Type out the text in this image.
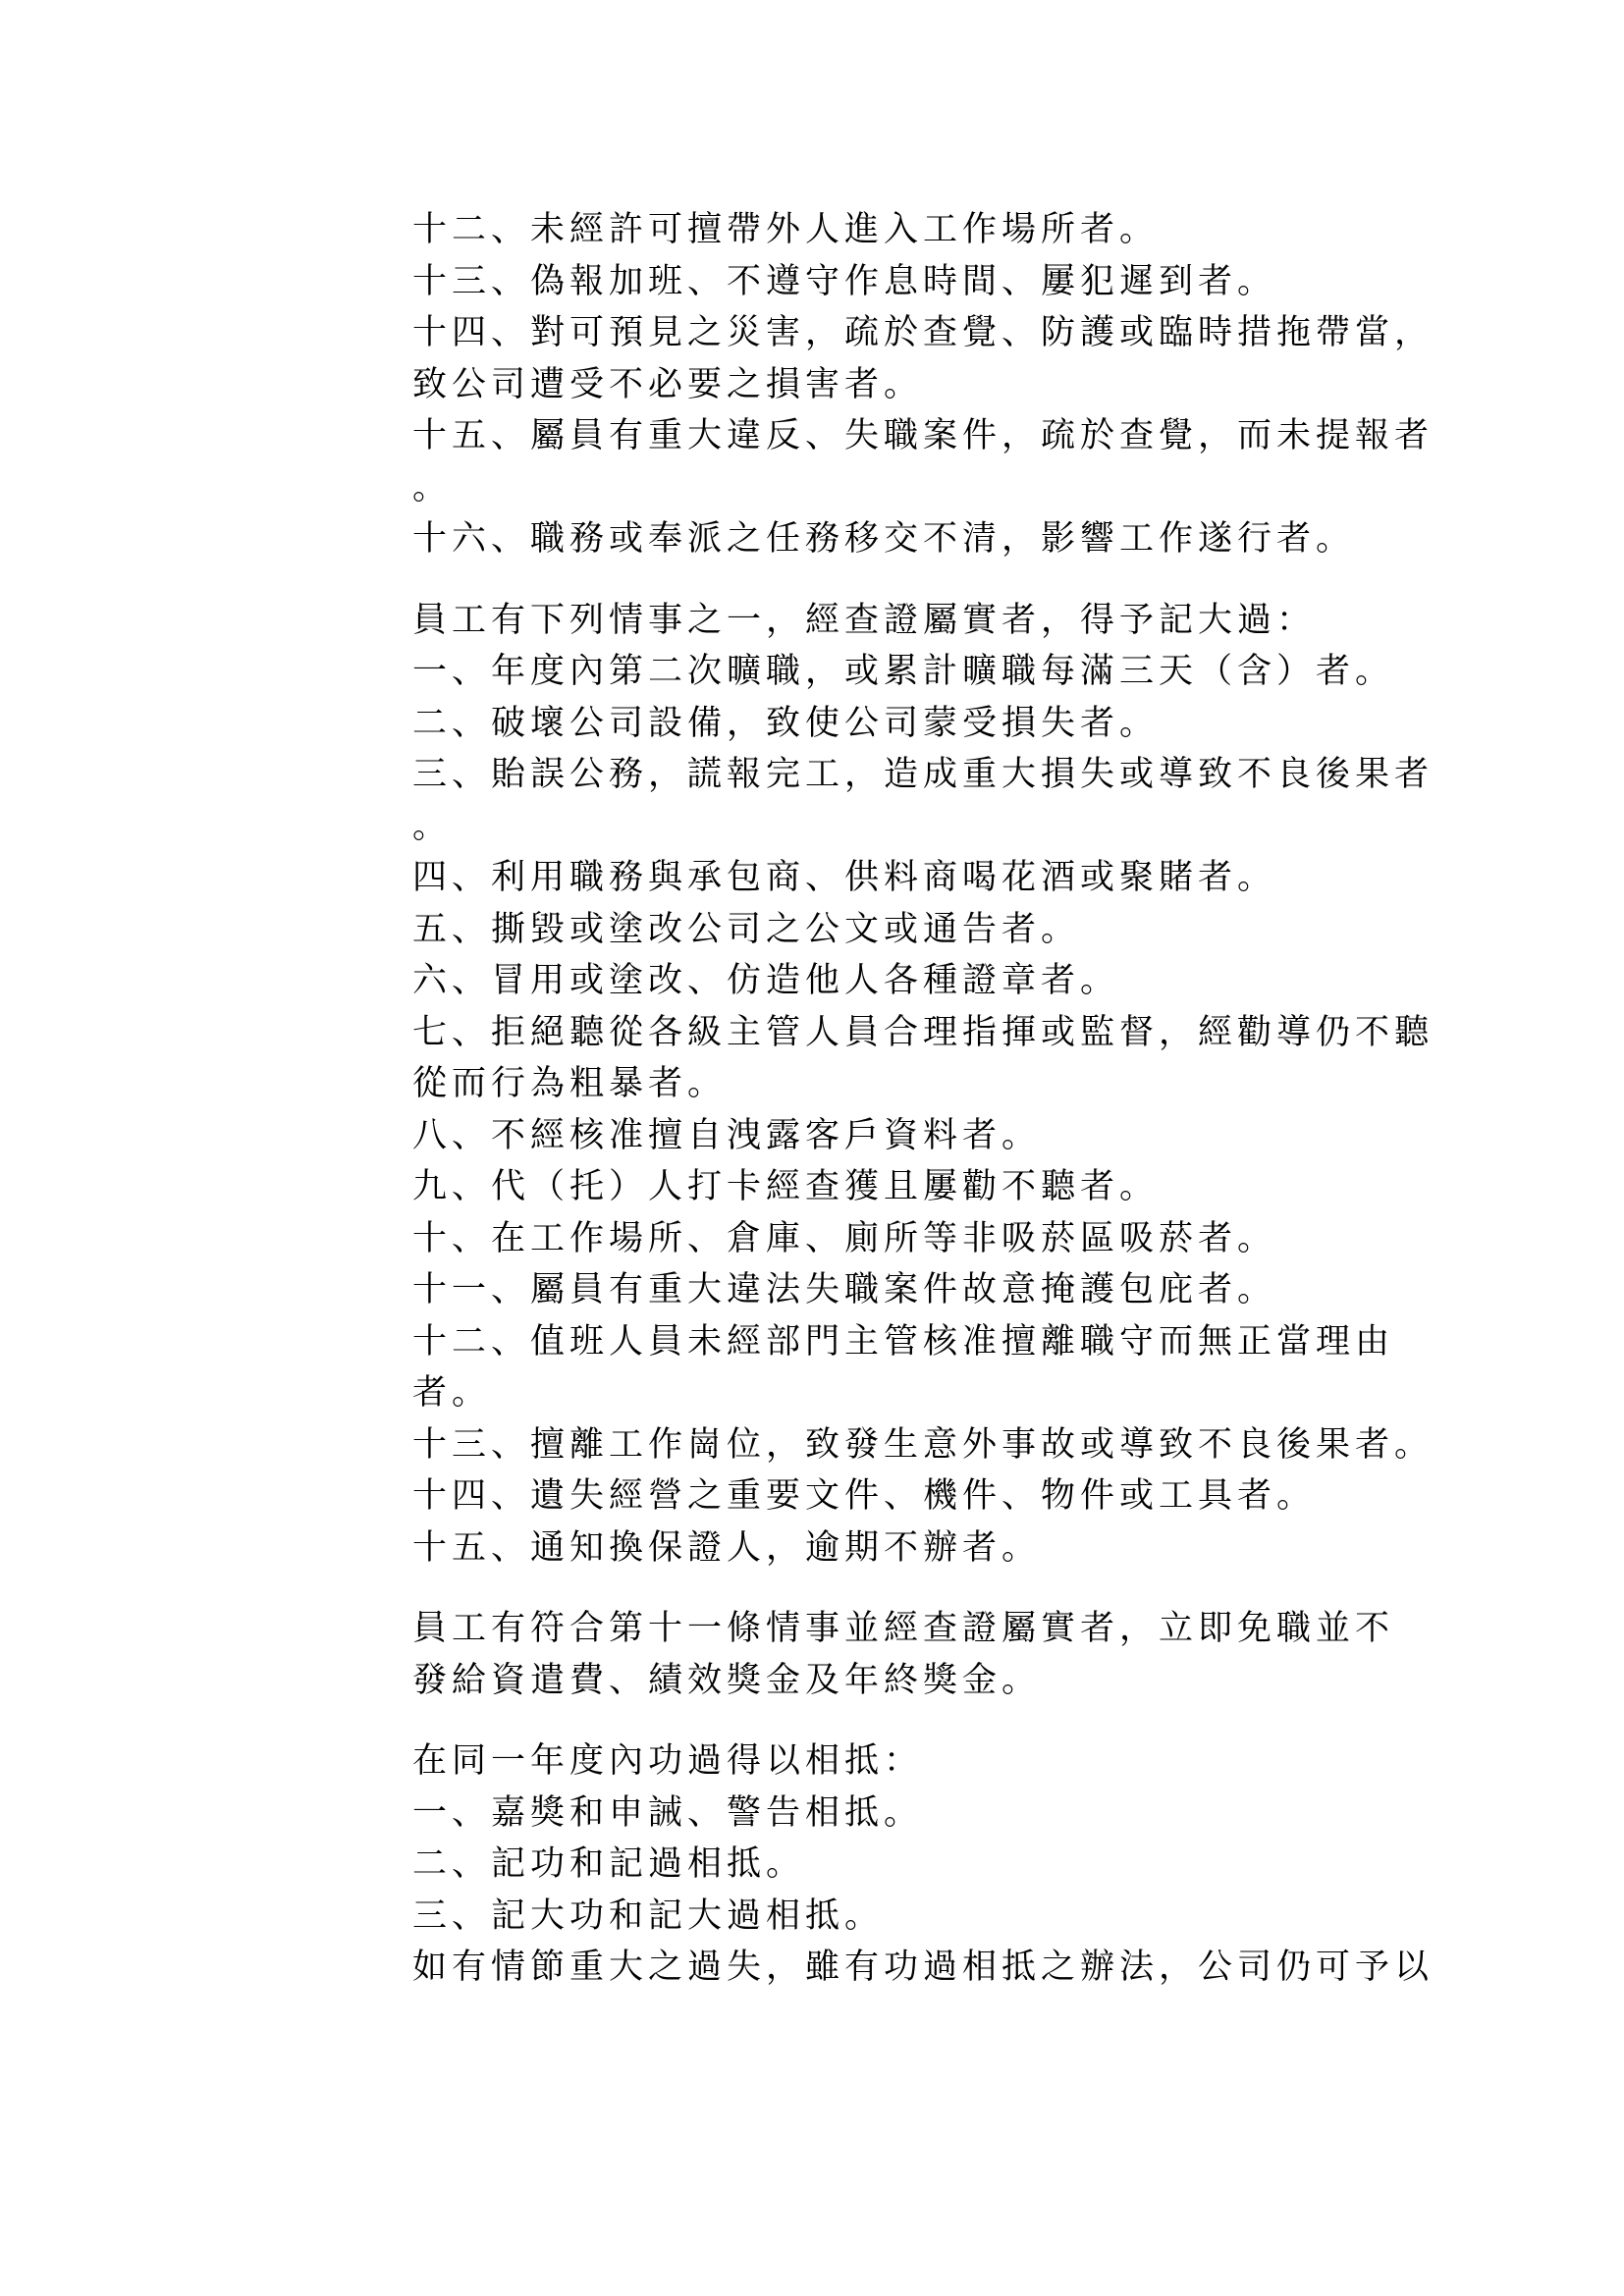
十二、未經許可擅帶外人進入工作場所者。

十三、偽報加班、不遵守作息時間、屢犯遲到者。

十四、對可預見之災害，疏於查覺、防護或臨時措拖帶當，
致公司遭受不必要之損害者。

十五、屬員有重大違反、失職案件，疏於查覺，而未提報者
。

十六、職務或奉派之任務移交不清，影響工作遂行者。

員工有下列情事之一，經查證屬實者，得予記大過：

一、年度內第二次曠職，或累計曠職每滿三天（含）者。

二、破壞公司設備，致使公司蒙受損失者。

三、貽誤公務，謊報完工，造成重大損失或導致不良後果者
。

四、利用職務與承包商、供料商喝花酒或聚賭者。

五、撕毀或塗改公司之公文或通告者。

六、冒用或塗改、仿造他人各種證章者。

七、拒絕聽從各級主管人員合理指揮或監督，經勸導仍不聽
從而行為粗暴者。

八、不經核准擅自洩露客戶資料者。

九、代（托）人打卡經查獲且屢勸不聽者。

十、在工作場所、倉庫、廁所等非吸菸區吸菸者。

十一、屬員有重大違法失職案件故意掩護包庇者。

十二、值班人員未經部門主管核准擅離職守而無正當理由
者。

十三、擅離工作崗位，致發生意外事故或導致不良後果者。

十四、遺失經營之重要文件、機件、物件或工具者。

十五、通知換保證人，逾期不辦者。

員工有符合第十一條情事並經查證屬實者，立即免職並不
發給資遣費、績效獎金及年終獎金。

在同一年度內功過得以相抵：

一、嘉獎和申誡、警告相抵。

二、記功和記過相抵。

三、記大功和記大過相抵。

如有情節重大之過失，雖有功過相抵之辦法，公司仍可予以
